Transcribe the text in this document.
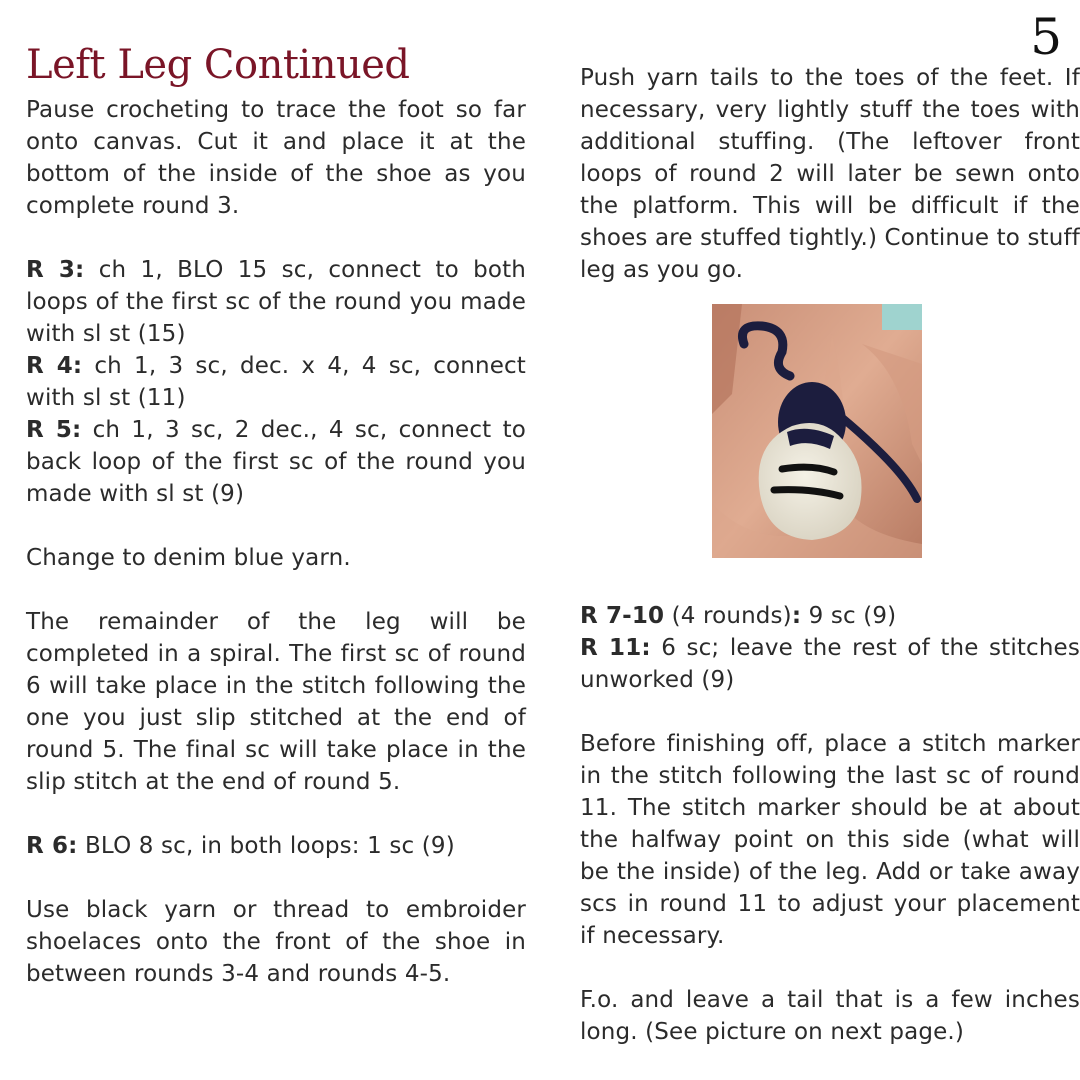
5
Left Leg Continued

Pause crocheting to trace the foot so far onto canvas. Cut it and place it at the bottom of the inside of the shoe as you complete round 3.

R 3: ch 1, BLO 15 sc, connect to both loops of the first sc of the round you made with sl st (15)

R 4: ch 1, 3 sc, dec. x 4, 4 sc, connect with sl st (11)

R 5: ch 1, 3 sc, 2 dec., 4 sc, connect to back loop of the first sc of the round you made with sl st (9)

Change to denim blue yarn.

The remainder of the leg will be completed in a spiral. The first sc of round 6 will take place in the stitch following the one you just slip stitched at the end of round 5. The final sc will take place in the slip stitch at the end of round 5.

R 6: BLO 8 sc, in both loops: 1 sc (9)

Use black yarn or thread to embroider shoelaces onto the front of the shoe in between rounds 3-4 and rounds 4-5.

Push yarn tails to the toes of the feet. If necessary, very lightly stuff the toes with additional stuffing. (The leftover front loops of round 2 will later be sewn onto the platform. This will be difficult if the shoes are stuffed tightly.) Continue to stuff leg as you go.

R 7-10 (4 rounds): 9 sc (9)

R 11: 6 sc; leave the rest of the stitches unworked (9)

Before finishing off, place a stitch marker in the stitch following the last sc of round 11. The stitch marker should be at about the halfway point on this side (what will be the inside) of the leg. Add or take away scs in round 11 to adjust your placement if necessary.

F.o. and leave a tail that is a few inches long. (See picture on next page.)
